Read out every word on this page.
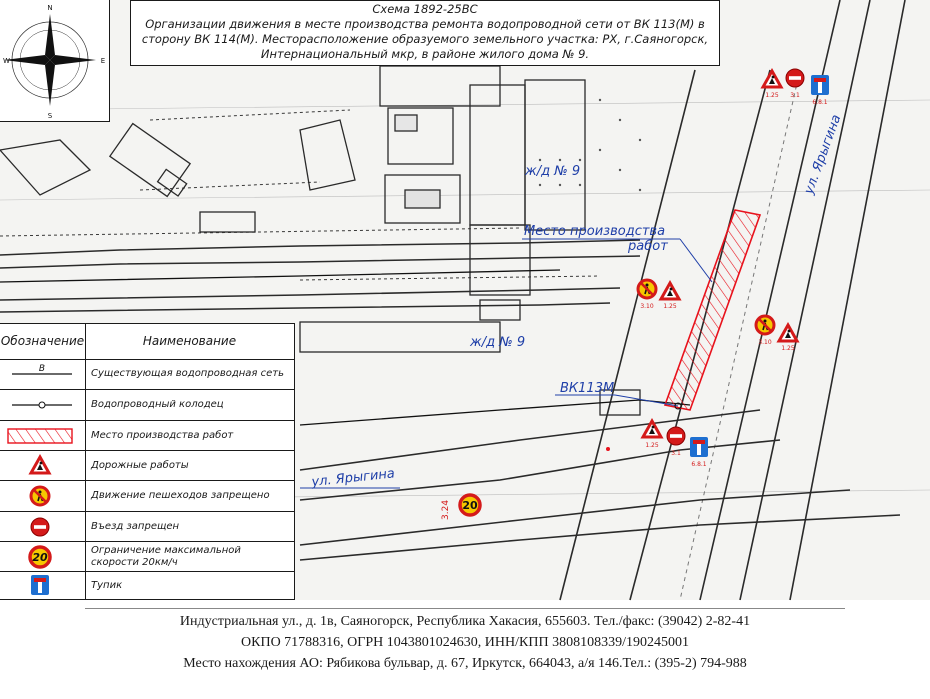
ж/д № 9
ж/д № 9
Место производства
работ
ВК113М
ул. Ярыгина
ул. Ярыгина
1.25 3.1
6.8.1
3.10 1.25
3.10
1.25
1.25
3.1
6.8.1
3.24
N
S
E
W
Схема 1892-25ВС
Организации движения в месте производства ремонта водопроводной сети от ВК 113(М) в
сторону ВК 114(М). Месторасположение образуемого земельного участка: РХ, г.Саяногорск,
Интернациональный мкр, в районе жилого дома № 9.
Обозначение	Наименование
В	Существующая водопроводная сеть
Водопроводный колодец
Место производства работ
Дорожные работы
Движение пешеходов запрещено
Въезд запрещен
Ограничение максимальной скорости 20км/ч
Тупик
Индустриальная ул., д. 1в, Саяногорск, Республика Хакасия, 655603. Тел./факс: (39042) 2-82-41
ОКПО 71788316, ОГРН 1043801024630, ИНН/КПП 3808108339/190245001
Место нахождения АО: Рябикова бульвар, д. 67, Иркутск, 664043, а/я 146.Тел.: (395-2) 794-988
